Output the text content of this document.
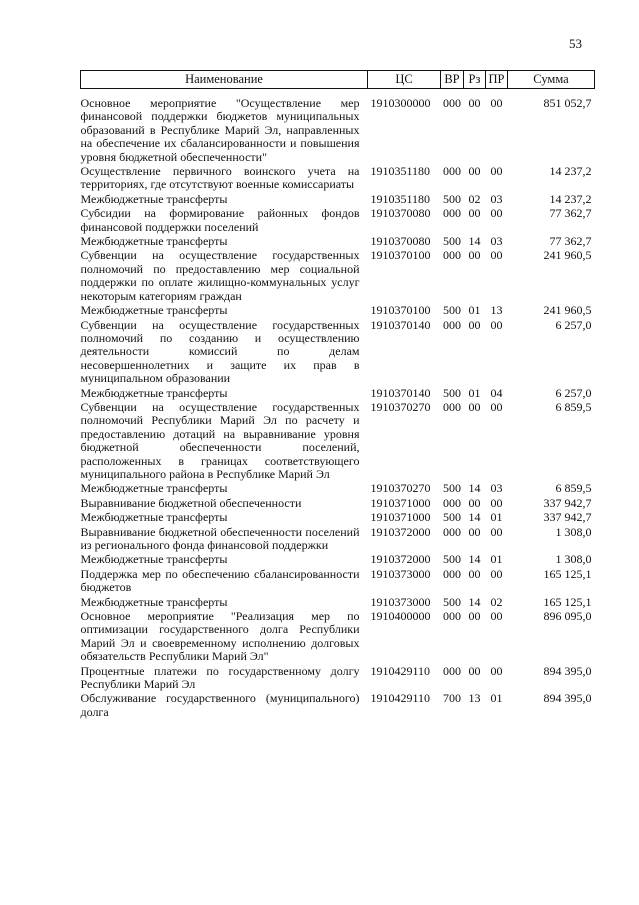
53
Наименование	ЦС	ВР	Рз	ПР	Сумма
Основное мероприятие "Осуществление мер финансовой поддержки бюджетов муниципальных образований в Республике Марий Эл, направленных на обеспечение их сбалансированности и повышения уровня бюджетной обеспеченности"	1910300000	000	00	00	851 052,7
Осуществление первичного воинского учета на территориях, где отсутствуют военные комиссариаты	1910351180	000	00	00	14 237,2
Межбюджетные трансферты	1910351180	500	02	03	14 237,2
Субсидии на формирование районных фондов финансовой поддержки поселений	1910370080	000	00	00	77 362,7
Межбюджетные трансферты	1910370080	500	14	03	77 362,7
Субвенции на осуществление государственных полномочий по предоставлению мер социальной поддержки по оплате жилищно-коммунальных услуг некоторым категориям граждан	1910370100	000	00	00	241 960,5
Межбюджетные трансферты	1910370100	500	01	13	241 960,5
Субвенции на осуществление государственных полномочий по созданию и осуществлению деятельности комиссий по делам несовершеннолетних и защите их прав в муниципальном образовании	1910370140	000	00	00	6 257,0
Межбюджетные трансферты	1910370140	500	01	04	6 257,0
Субвенции на осуществление государственных полномочий Республики Марий Эл по расчету и предоставлению дотаций на выравнивание уровня бюджетной обеспеченности поселений, расположенных в границах соответствующего муниципального района в Республике Марий Эл	1910370270	000	00	00	6 859,5
Межбюджетные трансферты	1910370270	500	14	03	6 859,5
Выравнивание бюджетной обеспеченности	1910371000	000	00	00	337 942,7
Межбюджетные трансферты	1910371000	500	14	01	337 942,7
Выравнивание бюджетной обеспеченности поселений из регионального фонда финансовой поддержки	1910372000	000	00	00	1 308,0
Межбюджетные трансферты	1910372000	500	14	01	1 308,0
Поддержка мер по обеспечению сбалансированности бюджетов	1910373000	000	00	00	165 125,1
Межбюджетные трансферты	1910373000	500	14	02	165 125,1
Основное мероприятие "Реализация мер по оптимизации государственного долга Республики Марий Эл и своевременному исполнению долговых обязательств Республики Марий Эл"	1910400000	000	00	00	896 095,0
Процентные платежи по государственному долгу Республики Марий Эл	1910429110	000	00	00	894 395,0
Обслуживание государственного (муниципального) долга	1910429110	700	13	01	894 395,0
